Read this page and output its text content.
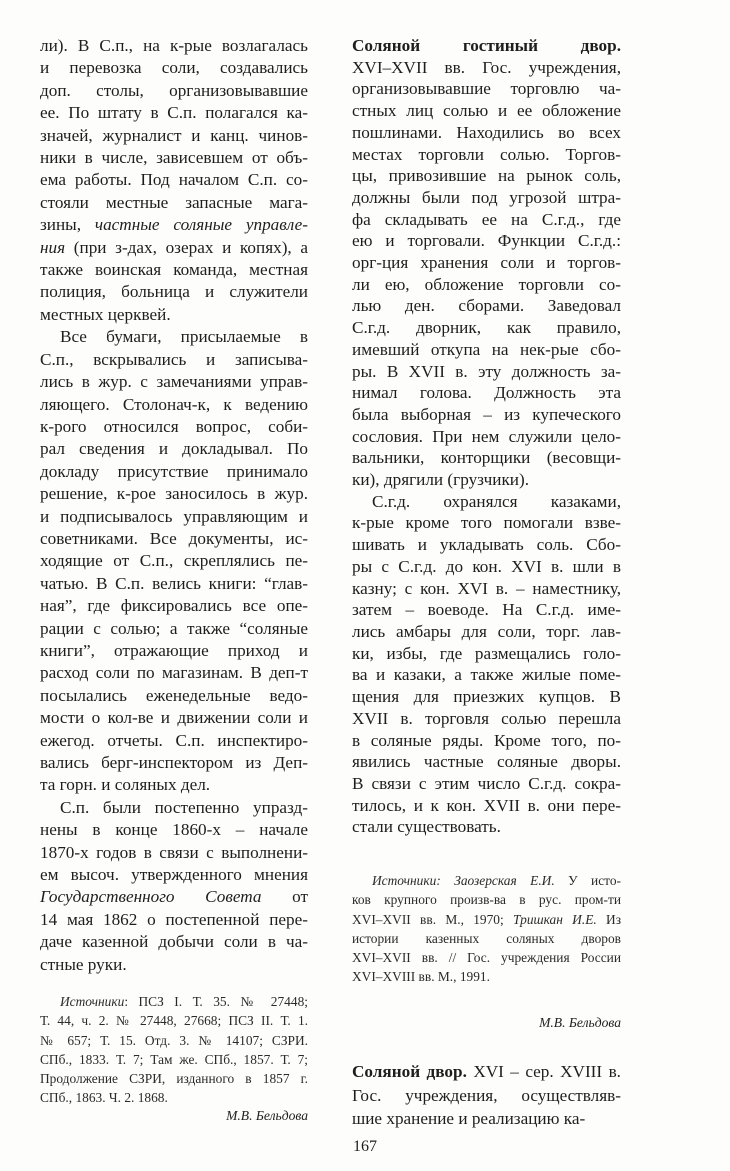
ли). В С.п., на к-рые возлагалась
и перевозка соли, создавались
доп. столы, организовывавшие
ее. По штату в С.п. полагался ка-
значей, журналист и канц. чинов-
ники в числе, зависевшем от объ-
ема работы. Под началом С.п. со-
стояли местные запасные мага-
зины, частные соляные управле-
ния (при з-дах, озерах и копях), а
также воинская команда, местная
полиция, больница и служители
местных церквей.
Все бумаги, присылаемые в
С.п., вскрывались и записыва-
лись в жур. с замечаниями управ-
ляющего. Столонач-к, к ведению
к-рого относился вопрос, соби-
рал сведения и докладывал. По
докладу присутствие принимало
решение, к-рое заносилось в жур.
и подписывалось управляющим и
советниками. Все документы, ис-
ходящие от С.п., скреплялись пе-
чатью. В С.п. велись книги: “глав-
ная”, где фиксировались все опе-
рации с солью; а также “соляные
книги”, отражающие приход и
расход соли по магазинам. В деп-т
посылались еженедельные ведо-
мости о кол-ве и движении соли и
ежегод. отчеты. С.п. инспектиро-
вались берг-инспектором из Деп-
та горн. и соляных дел.
С.п. были постепенно упразд-
нены в конце 1860-х – начале
1870-х годов в связи с выполнени-
ем высоч. утвержденного мнения
Государственного Совета от
14 мая 1862 о постепенной пере-
даче казенной добычи соли в ча-
стные руки.
Источники: ПСЗ I. Т. 35. № 27448;
Т. 44, ч. 2. № 27448, 27668; ПСЗ II. Т. 1.
№ 657; Т. 15. Отд. 3. № 14107; СЗРИ.
СПб., 1833. Т. 7; Там же. СПб., 1857. Т. 7;
Продолжение СЗРИ, изданного в 1857 г.
СПб., 1863. Ч. 2. 1868.
М.В. Бельдова
Соляной гостиный двор.
XVI–XVII вв. Гос. учреждения,
организовывавшие торговлю ча-
стных лиц солью и ее обложение
пошлинами. Находились во всех
местах торговли солью. Торгов-
цы, привозившие на рынок соль,
должны были под угрозой штра-
фа складывать ее на С.г.д., где
ею и торговали. Функции С.г.д.:
орг-ция хранения соли и торгов-
ли ею, обложение торговли со-
лью ден. сборами. Заведовал
С.г.д. дворник, как правило,
имевший откупа на нек-рые сбо-
ры. В XVII в. эту должность за-
нимал голова. Должность эта
была выборная – из купеческого
сословия. При нем служили цело-
вальники, конторщики (весовщи-
ки), дрягили (грузчики).
С.г.д. охранялся казаками,
к-рые кроме того помогали взве-
шивать и укладывать соль. Сбо-
ры с С.г.д. до кон. XVI в. шли в
казну; с кон. XVI в. – наместнику,
затем – воеводе. На С.г.д. име-
лись амбары для соли, торг. лав-
ки, избы, где размещались голо-
ва и казаки, а также жилые поме-
щения для приезжих купцов. В
XVII в. торговля солью перешла
в соляные ряды. Кроме того, по-
явились частные соляные дворы.
В связи с этим число С.г.д. сокра-
тилось, и к кон. XVII в. они пере-
стали существовать.
Источники: Заозерская Е.И. У исто-
ков крупного произв-ва в рус. пром-ти
XVI–XVII вв. М., 1970; Тришкан И.Е. Из
истории казенных соляных дворов
XVI–XVII вв. // Гос. учреждения России
XVI–XVIII вв. М., 1991.
М.В. Бельдова
Соляной двор. XVI – сер. XVIII в.
Гос. учреждения, осуществляв-
шие хранение и реализацию ка-
167
